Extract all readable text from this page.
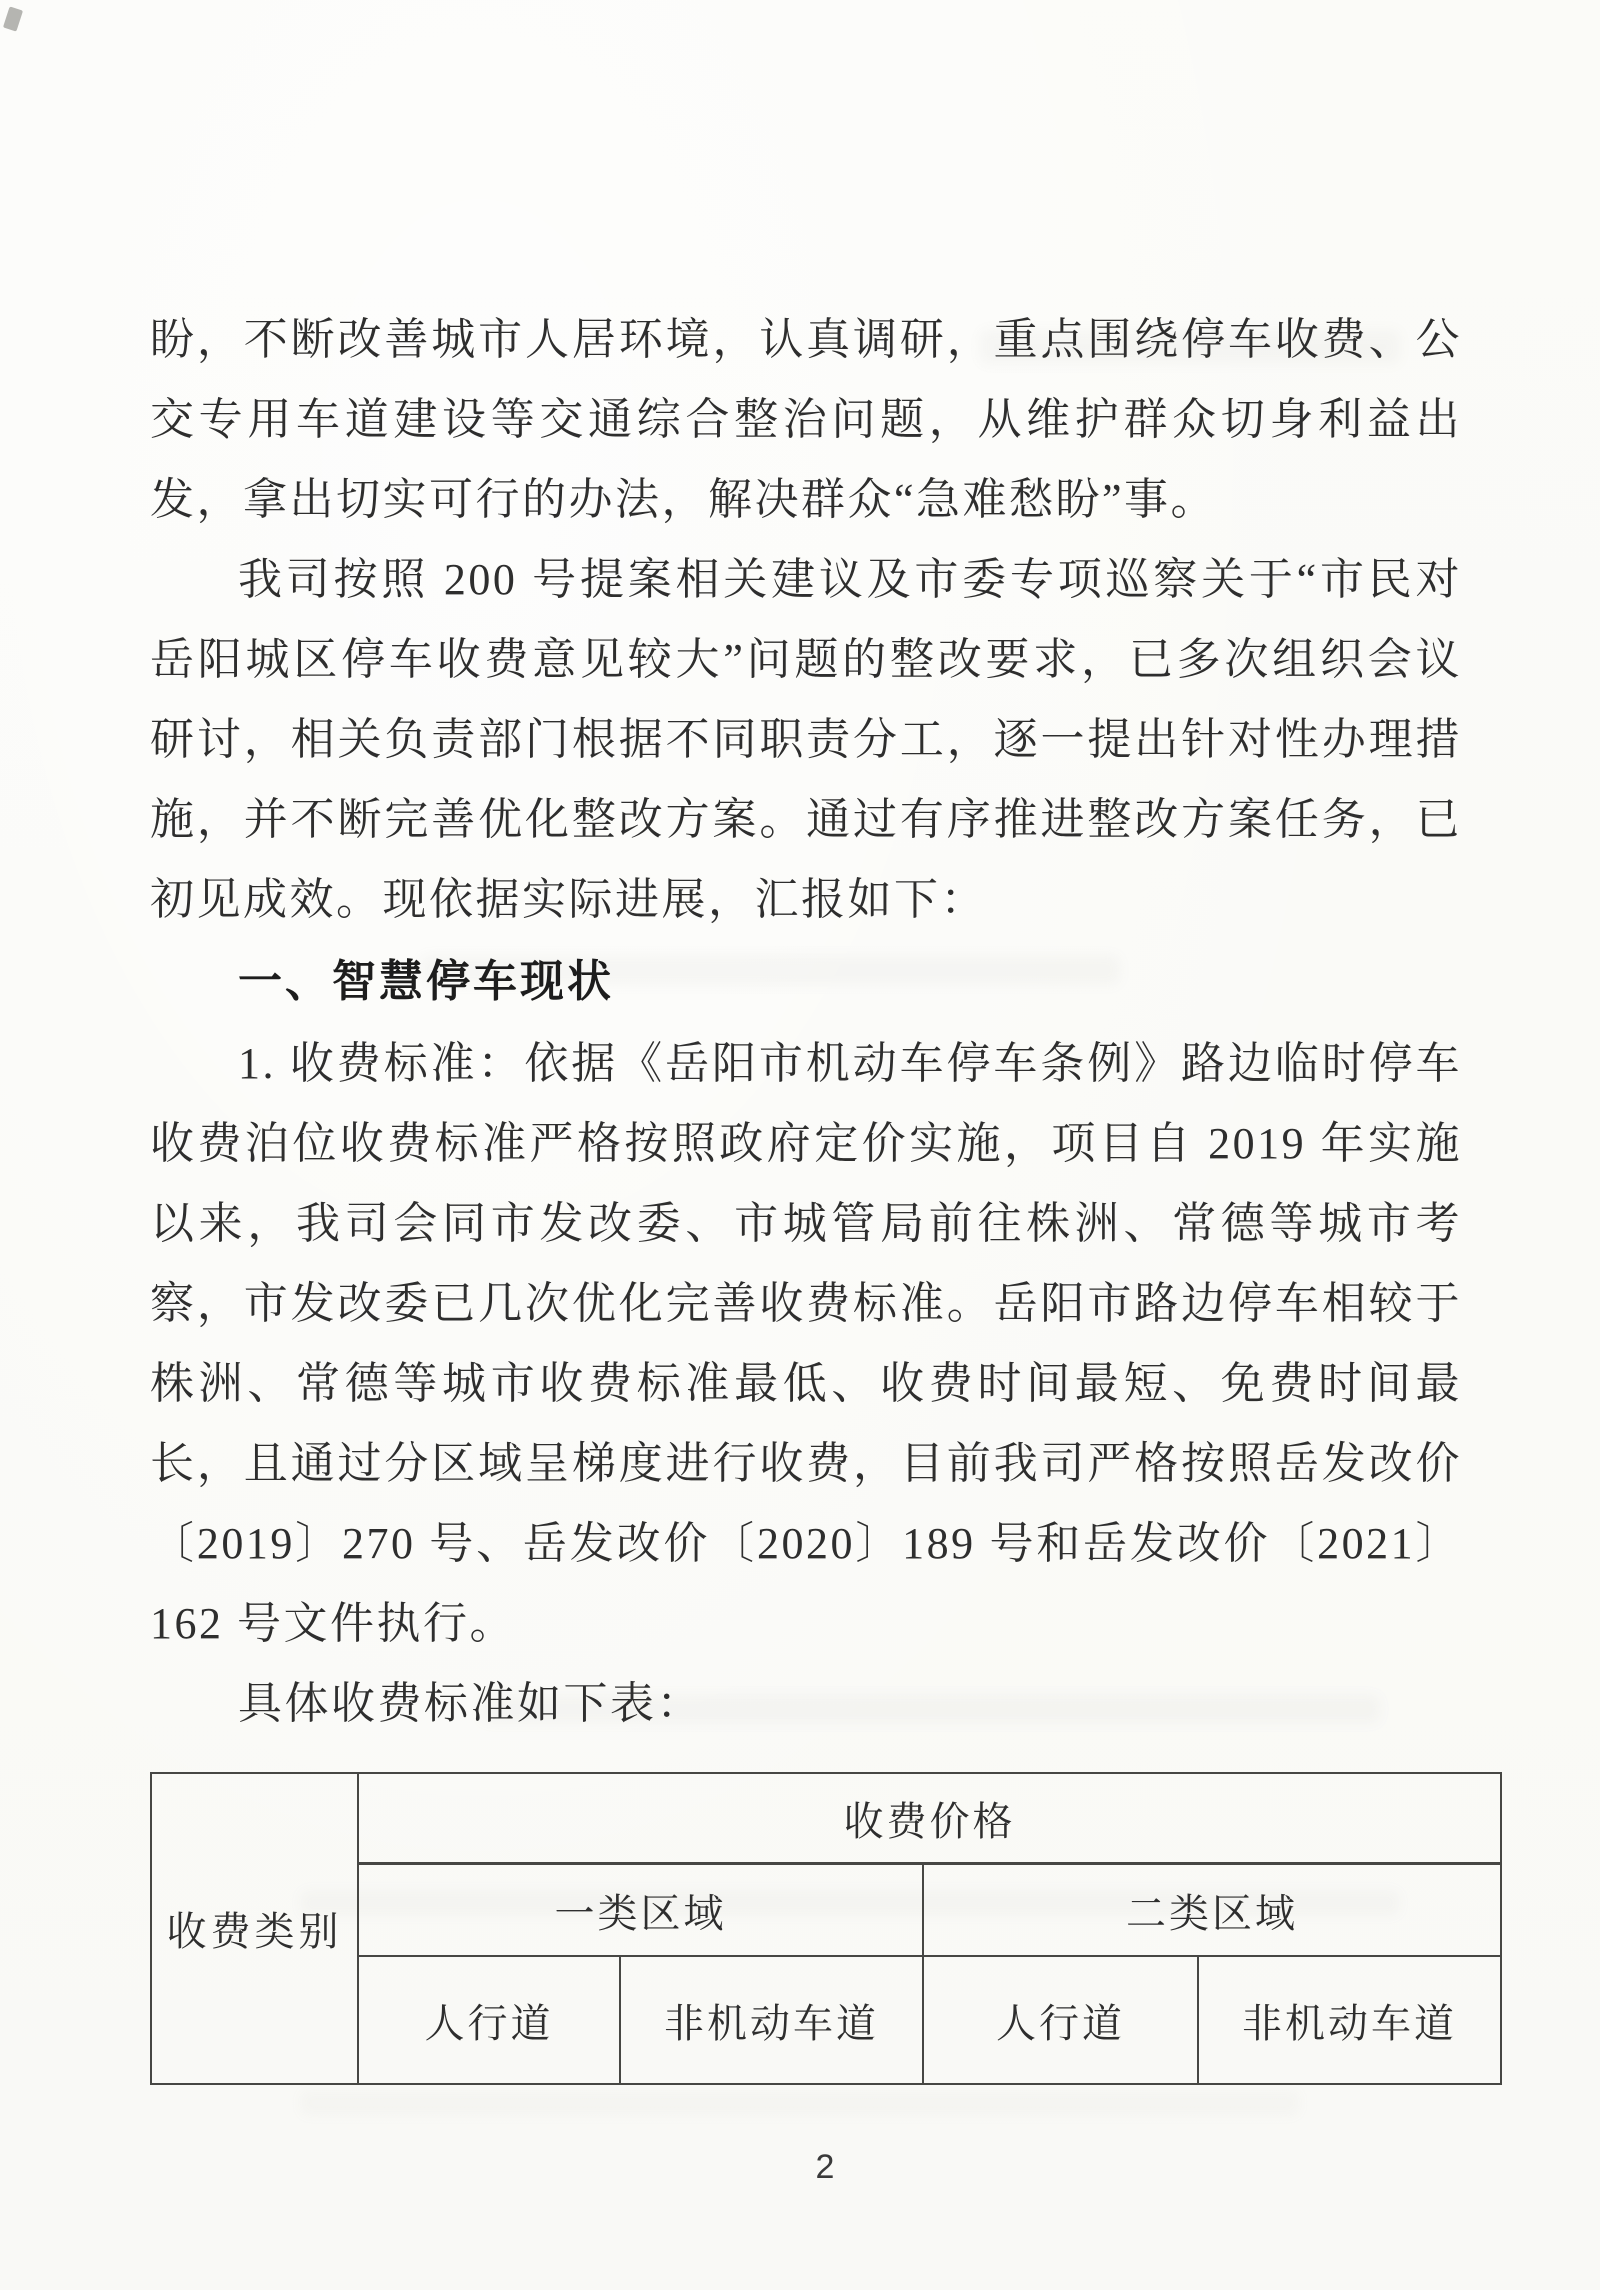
盼，不断改善城市人居环境，认真调研，重点围绕停车收费、公交专用车道建设等交通综合整治问题，从维护群众切身利益出发，拿出切实可行的办法，解决群众“急难愁盼”事。

我司按照 200 号提案相关建议及市委专项巡察关于“市民对岳阳城区停车收费意见较大”问题的整改要求，已多次组织会议研讨，相关负责部门根据不同职责分工，逐一提出针对性办理措施，并不断完善优化整改方案。通过有序推进整改方案任务，已初见成效。现依据实际进展，汇报如下：

一、智慧停车现状

1. 收费标准：依据《岳阳市机动车停车条例》路边临时停车收费泊位收费标准严格按照政府定价实施，项目自 2019 年实施以来，我司会同市发改委、市城管局前往株洲、常德等城市考察，市发改委已几次优化完善收费标准。岳阳市路边停车相较于株洲、常德等城市收费标准最低、收费时间最短、免费时间最长，且通过分区域呈梯度进行收费，目前我司严格按照岳发改价〔2019〕270 号、岳发改价〔2020〕189 号和岳发改价〔2021〕162 号文件执行。

具体收费标准如下表：

收费类别	收费价格			
	一类区域		二类区域	
	人行道	非机动车道	人行道	非机动车道
2
